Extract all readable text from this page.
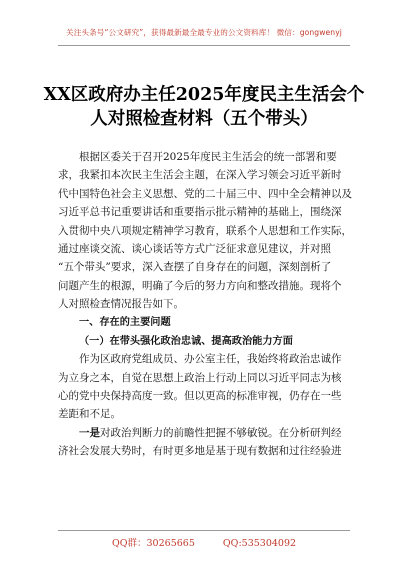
关注头条号“公文研究”，获得最新最全最专业的公文资料库！ 微信：gongwenyj
XX区政府办主任2025年度民主生活会个
人对照检查材料（五个带头）
根据区委关于召开2025年度民主生活会的统一部署和要
求，我紧扣本次民主生活会主题，在深入学习领会习近平新时
代中国特色社会主义思想、党的二十届三中、四中全会精神以及
习近平总书记重要讲话和重要指示批示精神的基础上，围绕深
入贯彻中央八项规定精神学习教育，联系个人思想和工作实际，
通过座谈交流、谈心谈话等方式广泛征求意见建议，并对照
“五个带头”要求，深入查摆了自身存在的问题，深刻剖析了
问题产生的根源，明确了今后的努力方向和整改措施。现将个
人对照检查情况报告如下。
一、存在的主要问题
（一）在带头强化政治忠诚、提高政治能力方面
作为区政府党组成员、办公室主任，我始终将政治忠诚作
为立身之本，自觉在思想上政治上行动上同以习近平同志为核
心的党中央保持高度一致。但以更高的标准审视，仍存在一些
差距和不足。
一是对政治判断力的前瞻性把握不够敏锐。在分析研判经
济社会发展大势时，有时更多地是基于现有数据和过往经验进
QQ群：30265665	QQ:535304092
